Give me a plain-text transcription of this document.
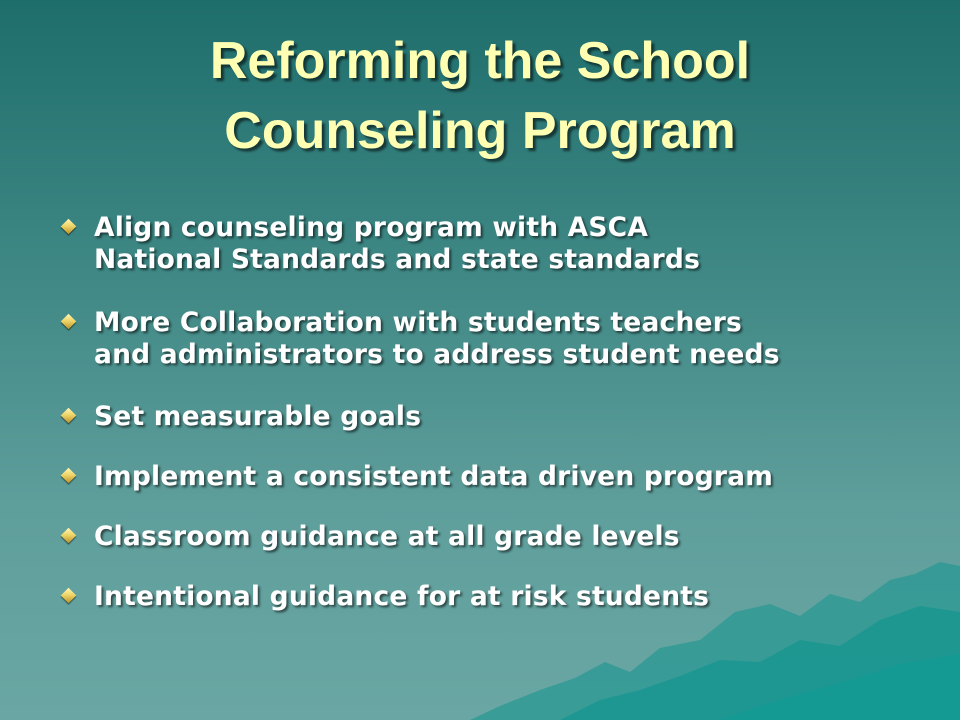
Reforming the School
Counseling Program
Align counseling program with ASCA
National Standards and state standards
More Collaboration with students teachers
and administrators to address student needs
Set measurable goals
Implement a consistent data driven program
Classroom guidance at all grade levels
Intentional guidance for at risk students
